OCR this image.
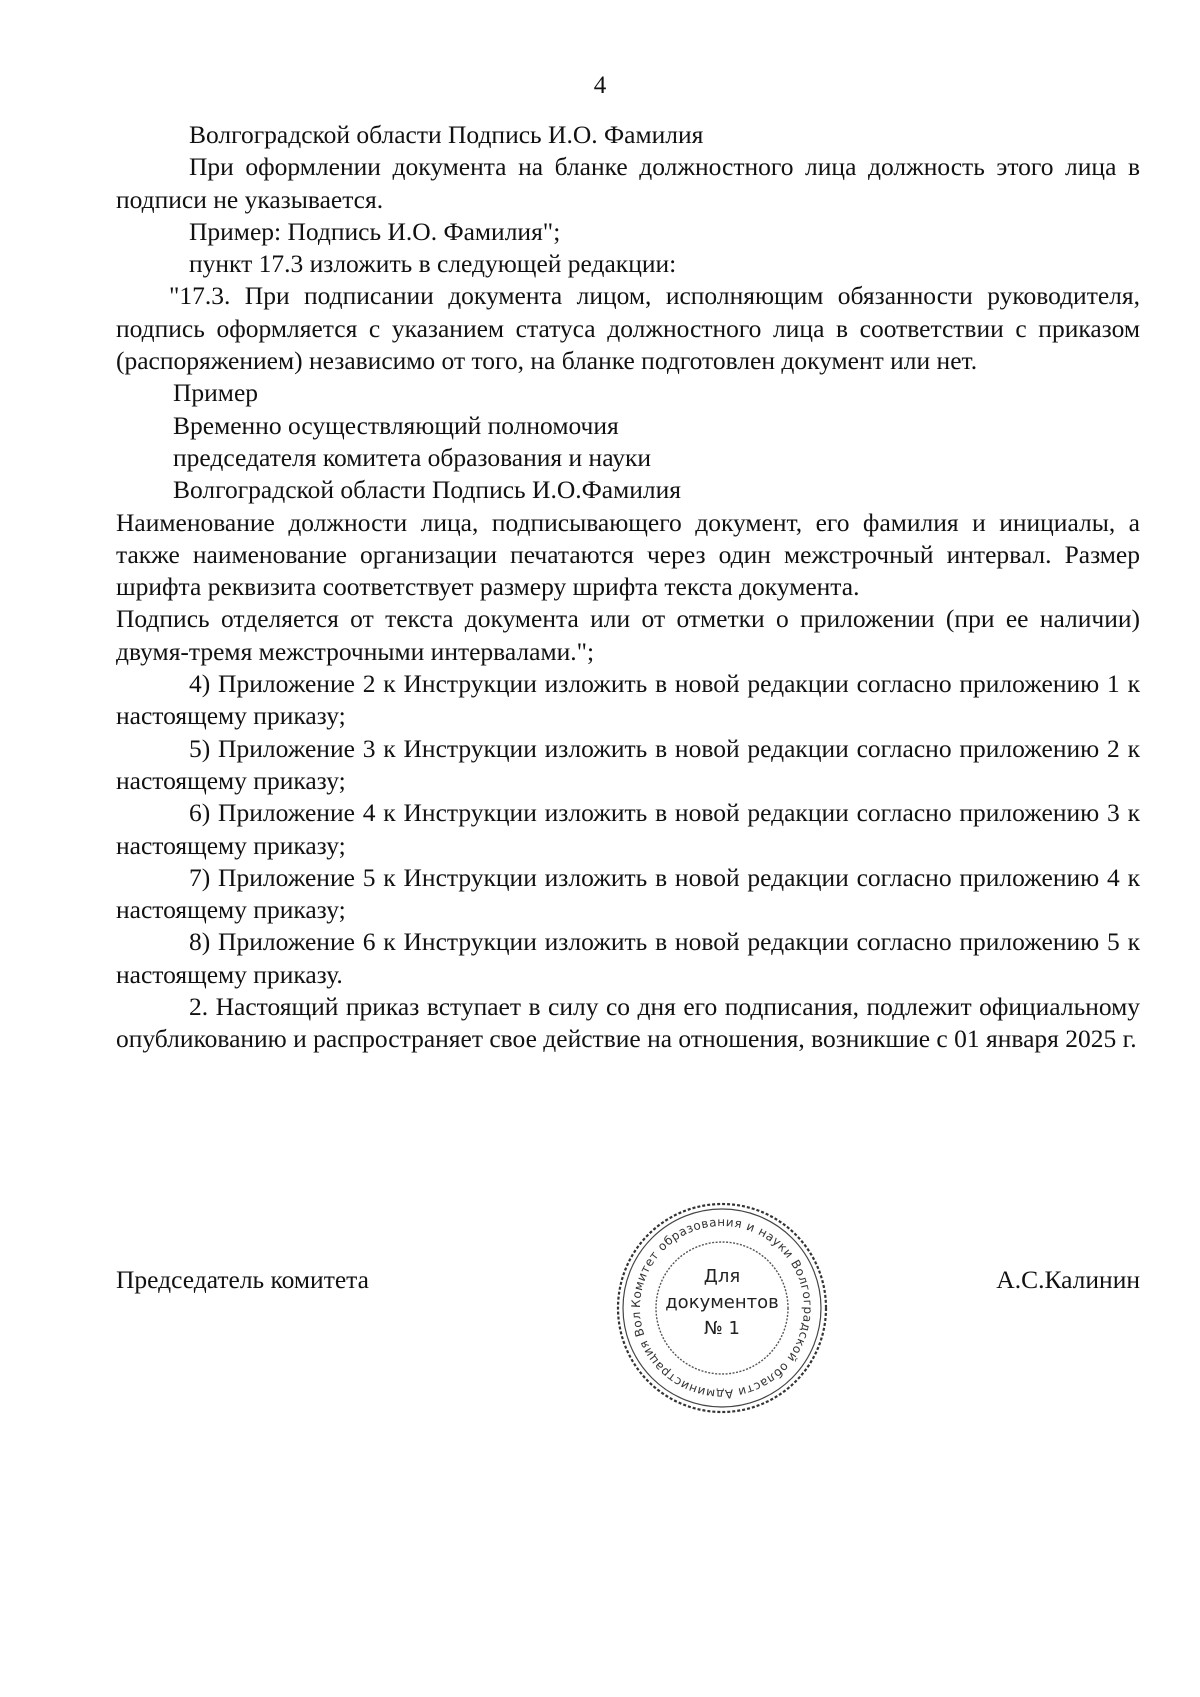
4

Волгоградской области Подпись И.О. Фамилия

При оформлении документа на бланке должностного лица должность этого лица в подписи не указывается.

Пример: Подпись И.О. Фамилия";

пункт 17.3 изложить в следующей редакции:

"17.3. При подписании документа лицом, исполняющим обязанности руководителя, подпись оформляется с указанием статуса должностного лица в соответствии с приказом (распоряжением) независимо от того, на бланке подготовлен документ или нет.

Пример

Временно осуществляющий полномочия

председателя комитета образования и науки

Волгоградской области Подпись И.О.Фамилия

Наименование должности лица, подписывающего документ, его фамилия и инициалы, а также наименование организации печатаются через один межстрочный интервал. Размер шрифта реквизита соответствует размеру шрифта текста документа.

Подпись отделяется от текста документа или от отметки о приложении (при ее наличии) двумя-тремя межстрочными интервалами.";

4) Приложение 2 к Инструкции изложить в новой редакции согласно приложению 1 к настоящему приказу;

5) Приложение 3 к Инструкции изложить в новой редакции согласно приложению 2 к настоящему приказу;

6) Приложение 4 к Инструкции изложить в новой редакции согласно приложению 3 к настоящему приказу;

7) Приложение 5 к Инструкции изложить в новой редакции согласно приложению 4 к настоящему приказу;

8) Приложение 6 к Инструкции изложить в новой редакции согласно приложению 5 к настоящему приказу.

2. Настоящий приказ вступает в силу со дня его подписания, подлежит официальному опубликованию и распространяет свое действие на отношения, возникшие с 01 января 2025 г.

Председатель комитета	А.С.Калинин
Комитет образования и науки Волгоградской области Администрация Вол
Для
документов
№ 1
